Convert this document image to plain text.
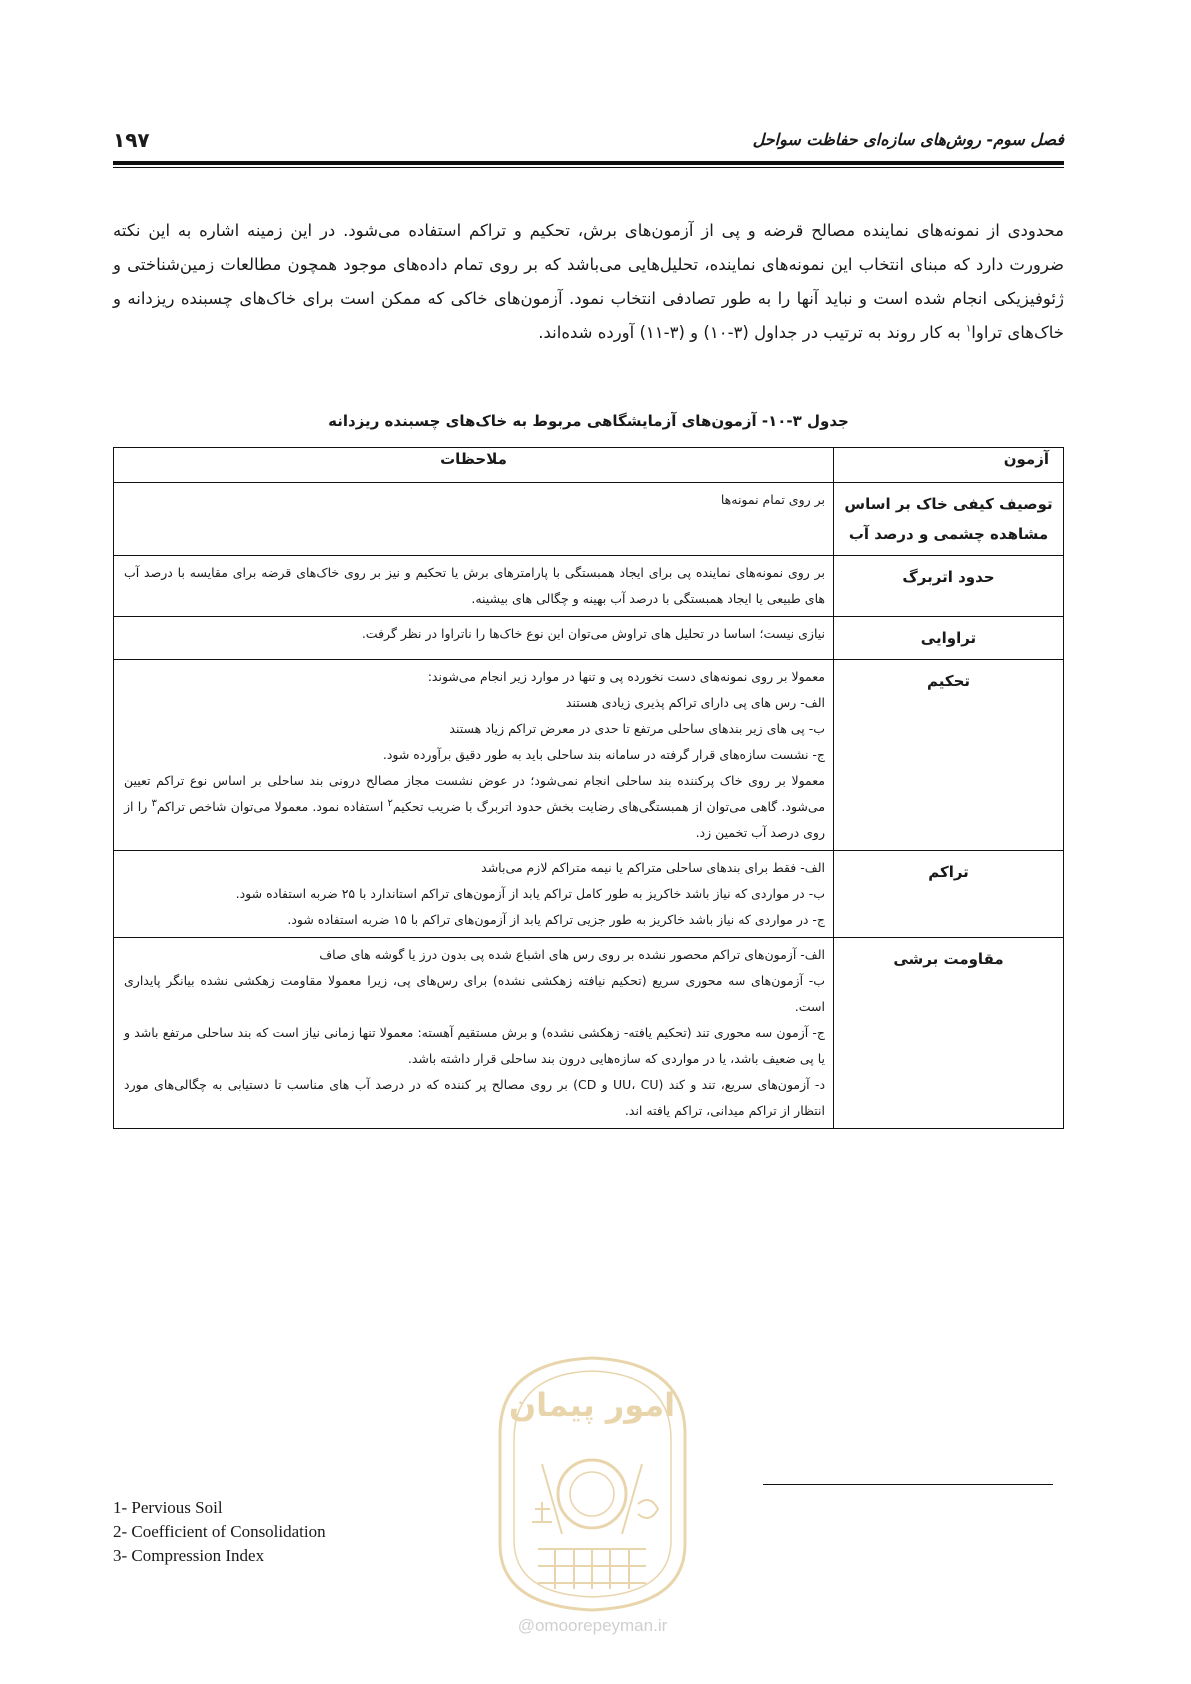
فصل سوم- روش‌های سازه‌ای حفاظت سواحل
۱۹۷

محدودی از نمونه‌های نماینده مصالح قرضه و پی از آزمون‌های برش، تحکیم و تراکم استفاده می‌شود. در این زمینه اشاره به این نکته ضرورت دارد که مبنای انتخاب این نمونه‌های نماینده، تحلیل‌هایی می‌باشد که بر روی تمام داده‌های موجود همچون مطالعات زمین‌شناختی و ژئوفیزیکی انجام شده است و نباید آنها را به طور تصادفی انتخاب نمود. آزمون‌های خاکی که ممکن است برای خاک‌های چسبنده ریزدانه و خاک‌های تراوا$^۱$ به کار روند به ترتیب در جداول (۳-۱۰) و (۳-۱۱) آورده شده‌اند.

جدول ۳-۱۰- آزمون‌های آزمایشگاهی مربوط به خاک‌های چسبنده ریزدانه
آزمون	ملاحظات
توصیف کیفی خاک بر اساس مشاهده چشمی و درصد آب	بر روی تمام نمونه‌ها

حدود اتربرگ	بر روی نمونه‌های نماینده پی برای ایجاد همبستگی با پارامترهای برش یا تحکیم و نیز بر روی خاک‌های قرضه برای مقایسه با درصد آب های طبیعی یا ایجاد همبستگی با درصد آب بهینه و چگالی های بیشینه.

تراوایی	نیازی نیست؛ اساسا در تحلیل های تراوش می‌توان این نوع خاک‌ها را ناتراوا در نظر گرفت.

تحکیم	معمولا بر روی نمونه‌های دست نخورده پی و تنها در موارد زیر انجام می‌شوند:
الف- رس های پی دارای تراکم پذیری زیادی هستند
ب- پی های زیر بندهای ساحلی مرتفع تا حدی در معرض تراکم زیاد هستند
ج- نشست سازه‌های قرار گرفته در سامانه بند ساحلی باید به طور دقیق برآورده شود.
معمولا بر روی خاک پرکننده بند ساحلی انجام نمی‌شود؛ در عوض نشست مجاز مصالح درونی بند ساحلی بر اساس نوع تراکم تعیین می‌شود. گاهی می‌توان از همبستگی‌های رضایت بخش حدود اتربرگ با ضریب تحکیم$^۲$ استفاده نمود. معمولا می‌توان شاخص تراکم$^۳$ را از روی درصد آب تخمین زد.

تراکم	الف- فقط برای بندهای ساحلی متراکم یا نیمه متراکم لازم می‌باشد
ب- در مواردی که نیاز باشد خاکریز به طور کامل تراکم یابد از آزمون‌های تراکم استاندارد با ۲۵ ضربه استفاده شود.
ج- در مواردی که نیاز باشد خاکریز به طور جزیی تراکم یابد از آزمون‌های تراکم با ۱۵ ضربه استفاده شود.

مقاومت برشی	الف- آزمون‌های تراکم محصور نشده بر روی رس های اشباع شده پی بدون درز یا گوشه های صاف
ب- آزمون‌های سه محوری سریع (تحکیم نیافته زهکشی نشده) برای رس‌های پی، زیرا معمولا مقاومت زهکشی نشده بیانگر پایداری است.
ج- آزمون سه محوری تند (تحکیم یافته- زهکشی نشده) و برش مستقیم آهسته: معمولا تنها زمانی نیاز است که بند ساحلی مرتفع باشد و یا پی ضعیف باشد، یا در مواردی که سازه‌هایی درون بند ساحلی قرار داشته باشد.
د- آزمون‌های سریع، تند و کند (UU، CU و CD) بر روی مصالح پر کننده که در درصد آب های مناسب تا دستیابی به چگالی‌های مورد انتظار از تراکم میدانی، تراکم یافته اند.
1- Pervious Soil
2- Coefficient of Consolidation
3- Compression Index
امور پیمان
@omoorepeyman.ir
